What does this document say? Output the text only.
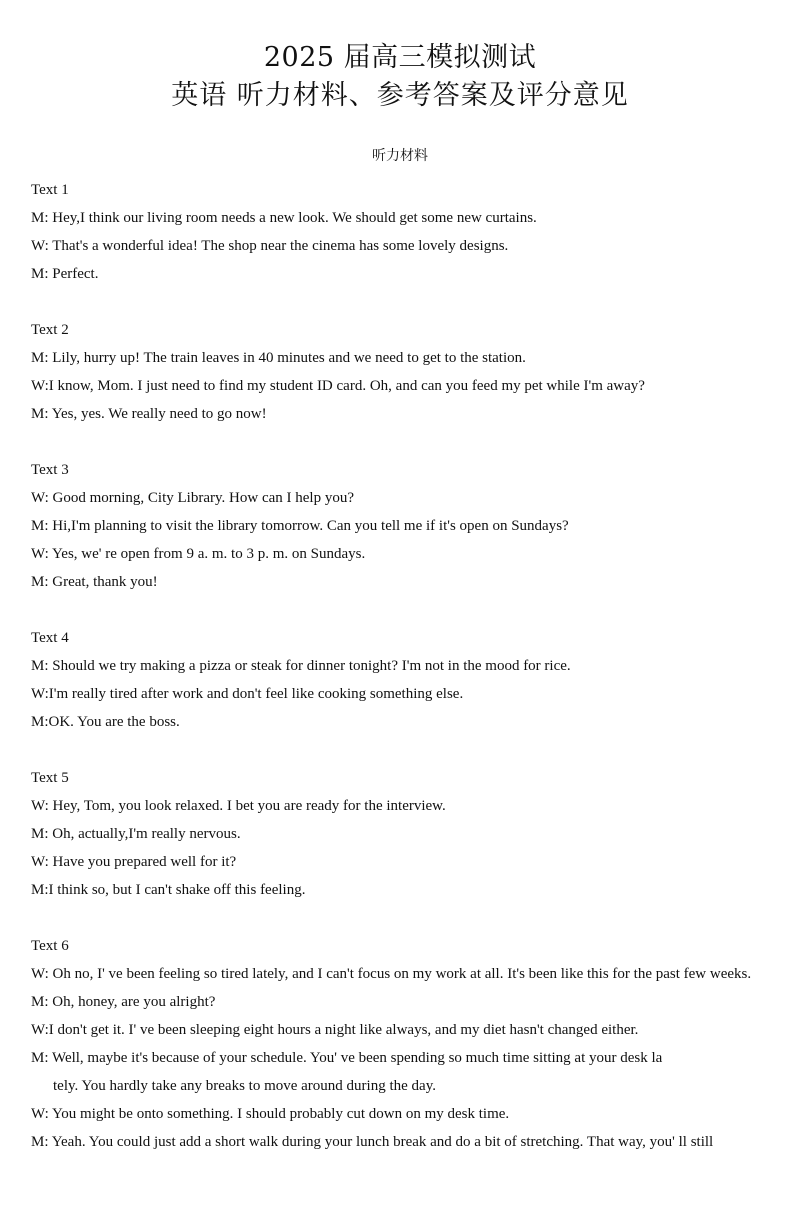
2025 届高三模拟测试
英语 听力材料、参考答案及评分意见
听力材料
Text 1
M: Hey,I think our living room needs a new look. We should get some new curtains.
W: That's a wonderful idea! The shop near the cinema has some lovely designs.
M: Perfect.
Text 2
M: Lily, hurry up! The train leaves in 40 minutes and we need to get to the station.
W:I know, Mom. I just need to find my student ID card. Oh, and can you feed my pet while I'm away?
M: Yes, yes. We really need to go now!
Text 3
W: Good morning, City Library. How can I help you?
M: Hi,I'm planning to visit the library tomorrow. Can you tell me if it's open on Sundays?
W: Yes, we' re open from 9 a. m. to 3 p. m. on Sundays.
M: Great, thank you!
Text 4
M: Should we try making a pizza or steak for dinner tonight? I'm not in the mood for rice.
W:I'm really tired after work and don't feel like cooking something else.
M:OK. You are the boss.
Text 5
W: Hey, Tom, you look relaxed. I bet you are ready for the interview.
M: Oh, actually,I'm really nervous.
W: Have you prepared well for it?
M:I think so, but I can't shake off this feeling.
Text 6
W: Oh no, I' ve been feeling so tired lately, and I can't focus on my work at all. It's been like this for the past few weeks.
M: Oh, honey, are you alright?
W:I don't get it. I' ve been sleeping eight hours a night like always, and my diet hasn't changed either.
M: Well, maybe it's because of your schedule. You' ve been spending so much time sitting at your desk lately. You hardly take any breaks to move around during the day.
W: You might be onto something. I should probably cut down on my desk time.
M: Yeah. You could just add a short walk during your lunch break and do a bit of stretching. That way, you' ll still
